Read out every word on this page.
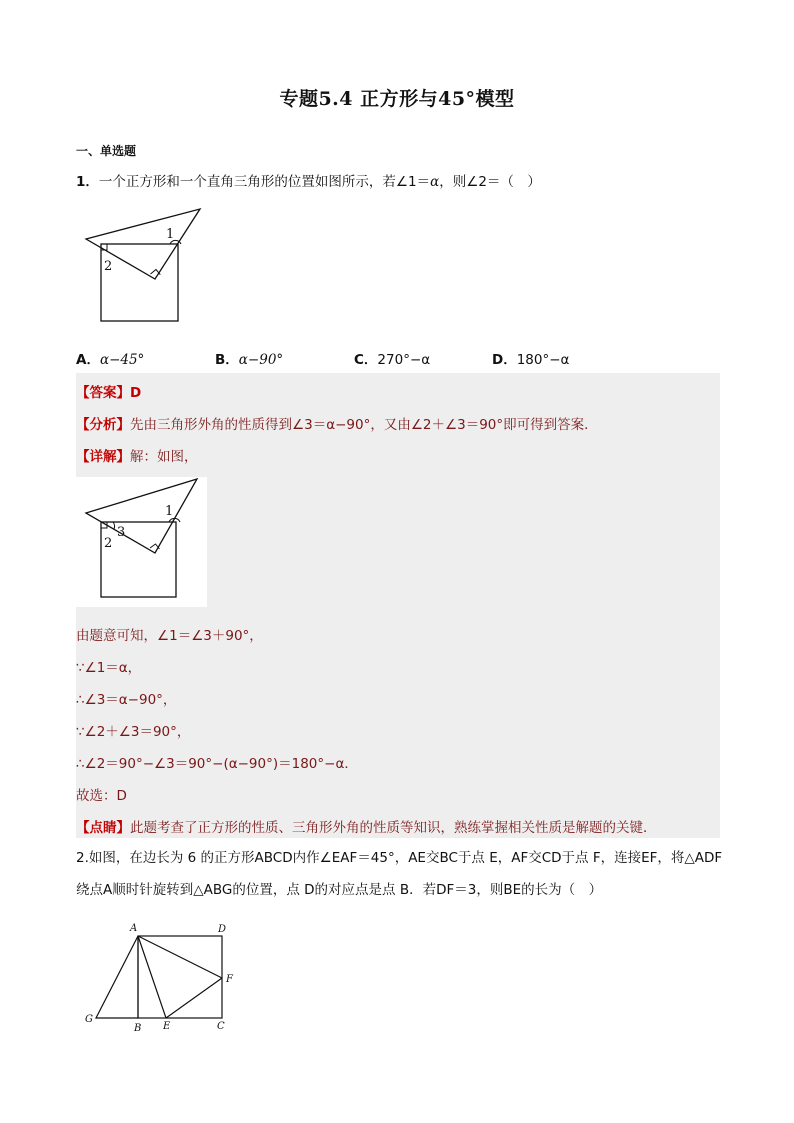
专题5.4 正方形与45°模型
一、单选题
1．一个正方形和一个直角三角形的位置如图所示，若∠1＝α，则∠2＝（　）
1
2
A．α−45°	B．α−90°	C．270°−α	D．180°−α
【答案】D
【分析】先由三角形外角的性质得到∠3＝α−90°，又由∠2＋∠3＝90°即可得到答案．
【详解】解：如图，
1
2
3
由题意可知，∠1＝∠3＋90°，
∵∠1＝α，
∴∠3＝α−90°，
∵∠2＋∠3＝90°，
∴∠2＝90°−∠3＝90°−(α−90°)＝180°−α．
故选：D
【点睛】此题考查了正方形的性质、三角形外角的性质等知识，熟练掌握相关性质是解题的关键．
2.如图，在边长为 6 的正方形ABCD内作∠EAF＝45°，AE交BC于点 E，AF交CD于点 F，连接EF，将△ADF
绕点A顺时针旋转到△ABG的位置，点 D的对应点是点 B．若DF＝3，则BE的长为（　）
A	D
F
G
B E	C
